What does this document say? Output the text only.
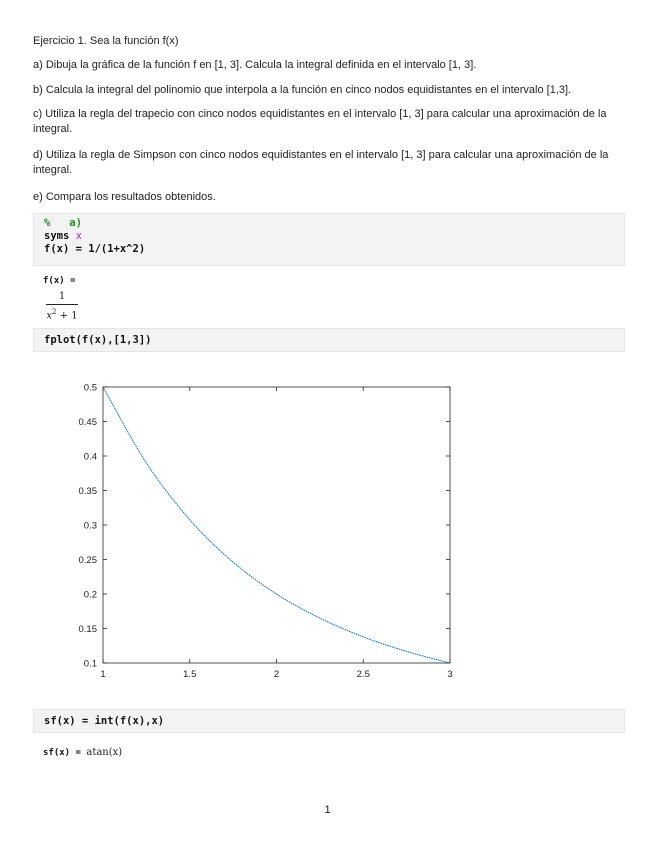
Ejercicio 1. Sea la función f(x)

a) Dibuja la gráfica de la función f en [1, 3]. Calcula la integral definida en el intervalo [1, 3].

b) Calcula la integral del polinomio que interpola a la función en cinco nodos equidistantes en el intervalo [1,3].

c) Utiliza la regla del trapecio con cinco nodos equidistantes en el intervalo [1, 3] para calcular una aproximación de la integral.

d) Utiliza la regla de Simpson con cinco nodos equidistantes en el intervalo [1, 3] para calcular una aproximación de la integral.

e) Compara los resultados obtenidos.

%   a)
syms x
f(x) = 1/(1+x^2)
f(x) =
1
$x^2 + 1$
fplot(f(x),[1,3])
1	1.5	2	2.5	3
0.1
0.15
0.2
0.25
0.3
0.35
0.4
0.45
0.5
sf(x) = int(f(x),x)
sf(x) = atan(x)
1
